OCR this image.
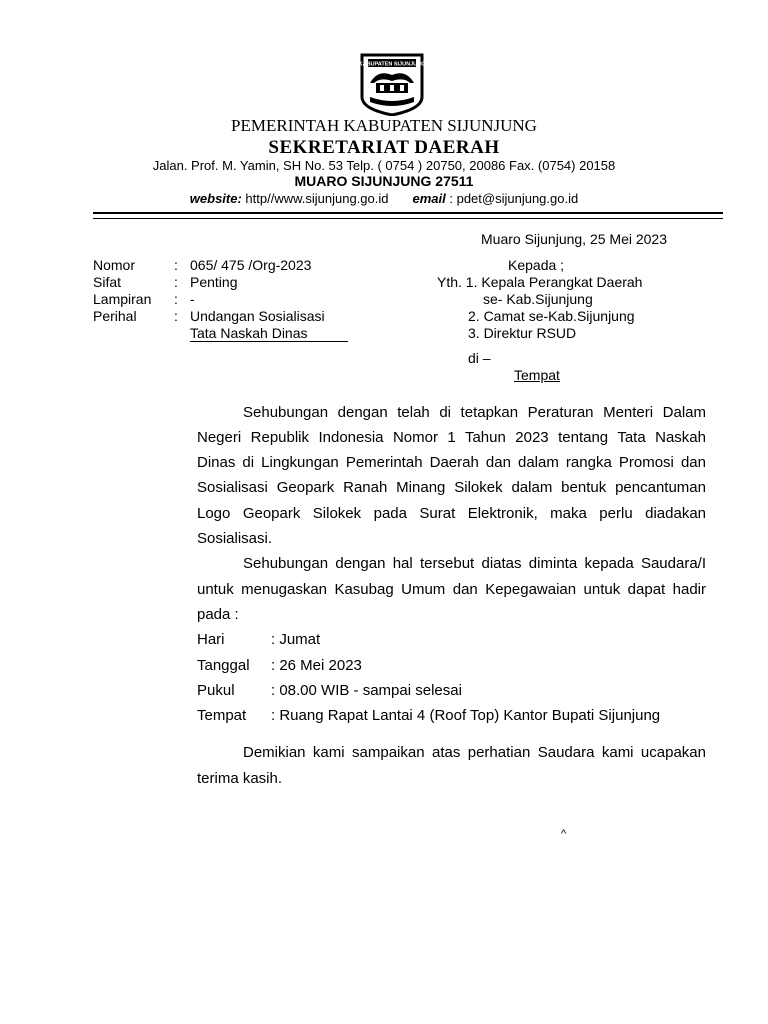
KABUPATEN SIJUNJUNG
PEMERINTAH KABUPATEN SIJUNJUNG
SEKRETARIAT DAERAH
Jalan. Prof. M. Yamin, SH No. 53 Telp. ( 0754 ) 20750, 20086 Fax. (0754) 20158
MUARO SIJUNJUNG 27511
website: http//www.sijunjung.go.id email : pdet@sijunjung.go.id
Muaro Sijunjung, 25 Mei 2023
Nomor	: 065/ 475 /Org-2023
Sifat	: Penting
Lampiran : -
Perihal	: Undangan Sosialisasi
Tata Naskah Dinas
Kepada ;
Yth. 1. Kepala Perangkat Daerah
se- Kab.Sijunjung
2. Camat se-Kab.Sijunjung
3. Direktur RSUD
di –
Tempat
Sehubungan dengan telah di tetapkan Peraturan Menteri Dalam
Negeri Republik Indonesia Nomor 1 Tahun 2023 tentang Tata Naskah
Dinas di Lingkungan Pemerintah Daerah dan dalam rangka Promosi dan
Sosialisasi Geopark Ranah Minang Silokek dalam bentuk pencantuman
Logo Geopark Silokek pada Surat Elektronik, maka perlu diadakan
Sosialisasi.
Sehubungan dengan hal tersebut diatas diminta kepada Saudara/I
untuk menugaskan Kasubag Umum dan Kepegawaian untuk dapat hadir
pada :
Hari	: Jumat
Tanggal : 26 Mei 2023
Pukul : 08.00 WIB - sampai selesai
Tempat : Ruang Rapat Lantai 4 (Roof Top) Kantor Bupati Sijunjung
Demikian kami sampaikan atas perhatian Saudara kami ucapakan
terima kasih.
^
